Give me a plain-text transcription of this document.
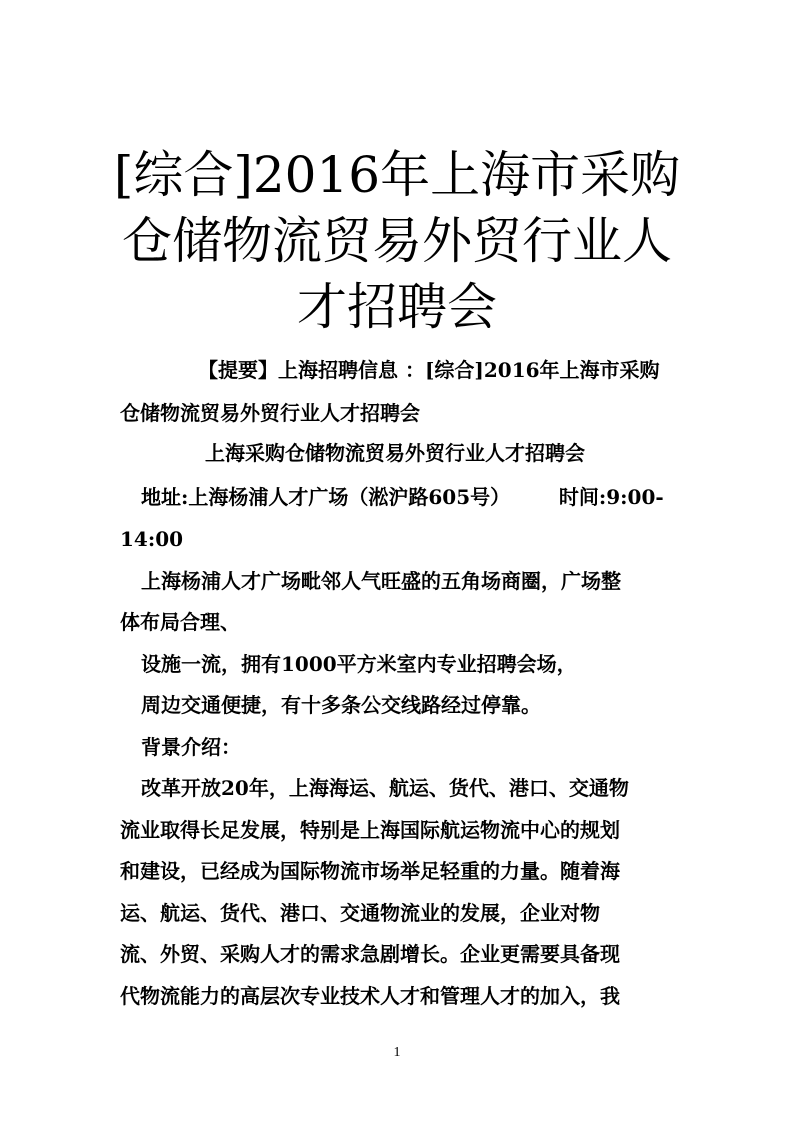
[综合]2016年上海市采购
仓储物流贸易外贸行业人
才招聘会
【提要】上海招聘信息 ：[综合]2016年上海市采购
仓储物流贸易外贸行业人才招聘会
上海采购仓储物流贸易外贸行业人才招聘会
地址:上海杨浦人才广场（淞沪路605号）       时间:9:00-
14:00
上海杨浦人才广场毗邻人气旺盛的五角场商圈，广场整
体布局合理、
设施一流，拥有1000平方米室内专业招聘会场，
周边交通便捷，有十多条公交线路经过停靠。
背景介绍：
改革开放20年，上海海运、航运、货代、港口、交通物
流业取得长足发展，特别是上海国际航运物流中心的规划
和建设，已经成为国际物流市场举足轻重的力量。随着海
运、航运、货代、港口、交通物流业的发展，企业对物
流、外贸、采购人才的需求急剧增长。企业更需要具备现
代物流能力的高层次专业技术人才和管理人才的加入，我
1
